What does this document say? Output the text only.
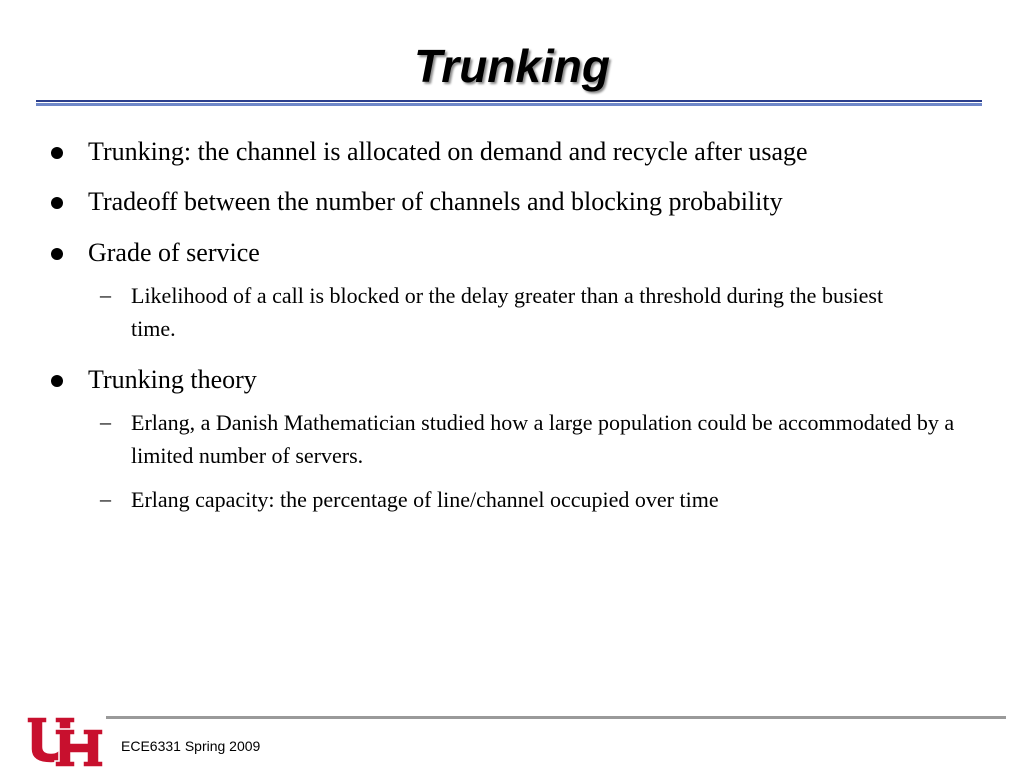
Trunking
Trunking: the channel is allocated on demand and recycle after usage
Tradeoff between the number of channels and blocking probability
Grade of service
– Likelihood of a call is blocked or the delay greater than a threshold during the busiest time.
Trunking theory
– Erlang, a Danish Mathematician studied how a large population could be accommodated by a limited number of servers.
– Erlang capacity: the percentage of line/channel occupied over time
ECE6331 Spring 2009
